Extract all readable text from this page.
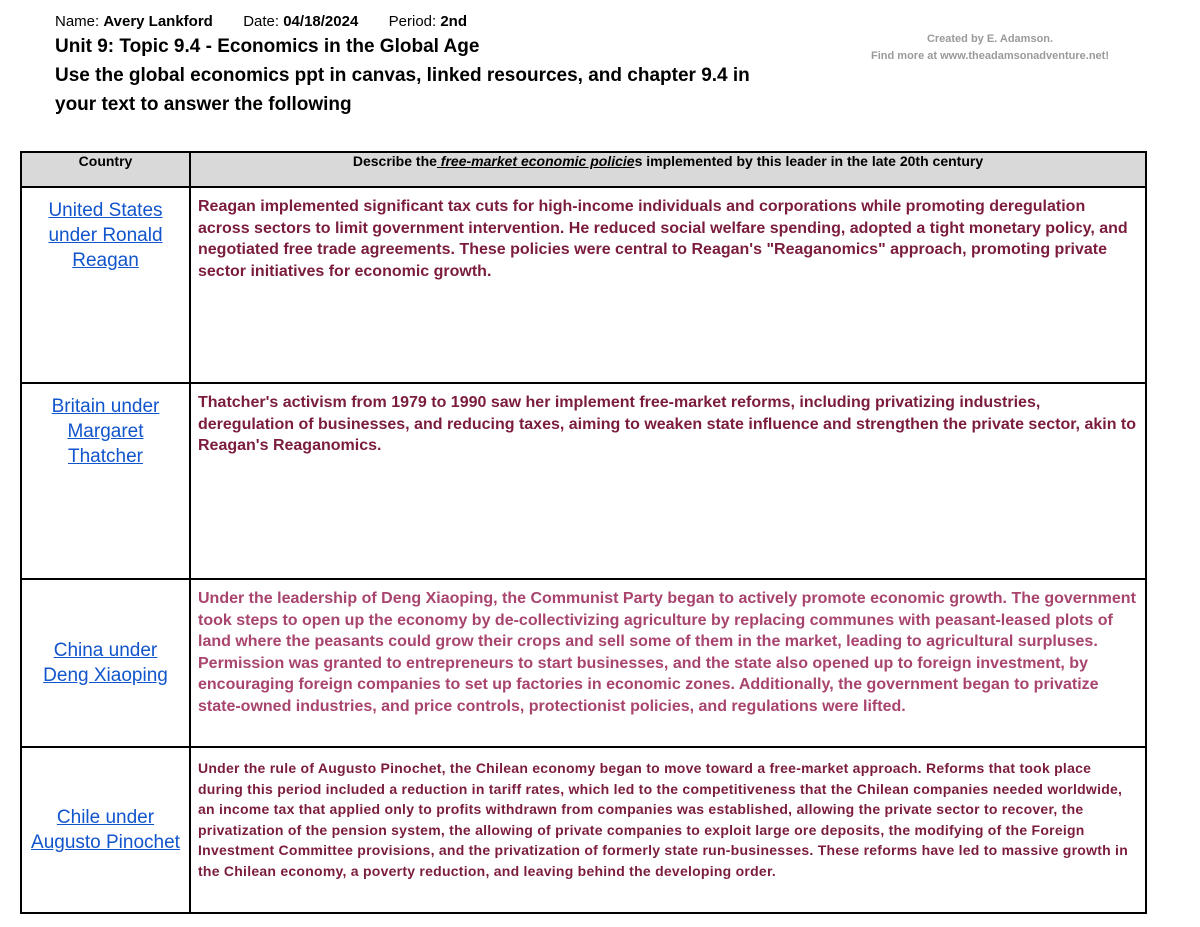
Name: Avery Lankford Date: 04/18/2024 Period: 2nd
Unit 9: Topic 9.4 - Economics in the Global Age
Use the global economics ppt in canvas, linked resources, and chapter 9.4 in
your text to answer the following
Created by E. Adamson.
Find more at www.theadamsonadventure.net!
Country	Describe the free-market economic policies implemented by this leader in the late 20th century
United States under Ronald Reagan	Reagan implemented significant tax cuts for high-income individuals and corporations while promoting deregulation across sectors to limit government intervention. He reduced social welfare spending, adopted a tight monetary policy, and negotiated free trade agreements. These policies were central to Reagan's "Reaganomics" approach, promoting private sector initiatives for economic growth.
Britain under Margaret Thatcher	Thatcher's activism from 1979 to 1990 saw her implement free-market reforms, including privatizing industries, deregulation of businesses, and reducing taxes, aiming to weaken state influence and strengthen the private sector, akin to Reagan's Reaganomics.
China under Deng Xiaoping	Under the leadership of Deng Xiaoping, the Communist Party began to actively promote economic growth. The government took steps to open up the economy by de-collectivizing agriculture by replacing communes with peasant-leased plots of land where the peasants could grow their crops and sell some of them in the market, leading to agricultural surpluses. Permission was granted to entrepreneurs to start businesses, and the state also opened up to foreign investment, by encouraging foreign companies to set up factories in economic zones. Additionally, the government began to privatize state-owned industries, and price controls, protectionist policies, and regulations were lifted.
Chile under Augusto Pinochet	Under the rule of Augusto Pinochet, the Chilean economy began to move toward a free-market approach. Reforms that took place during this period included a reduction in tariff rates, which led to the competitiveness that the Chilean companies needed worldwide, an income tax that applied only to profits withdrawn from companies was established, allowing the private sector to recover, the privatization of the pension system, the allowing of private companies to exploit large ore deposits, the modifying of the Foreign Investment Committee provisions, and the privatization of formerly state run-businesses. These reforms have led to massive growth in the Chilean economy, a poverty reduction, and leaving behind the developing order.
